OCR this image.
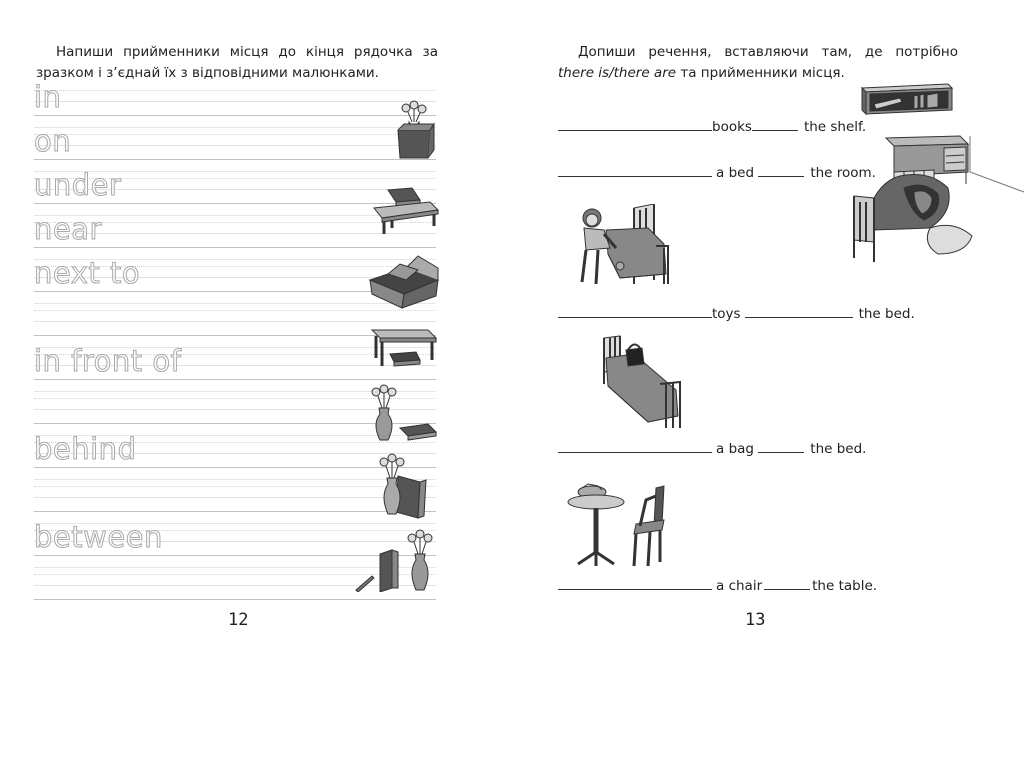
Напиши прийменники місця до кінця рядочка за
зразком і з’єднай їх з відповідними малюнками.
in
on
under
near
next to
in front of
behind
between
12
Допиши речення, вставляючи там, де потрібно
there is/there are та прийменники місця.
books	the shelf.
a bed	the room.
toys	the bed.
a bag	the bed.
a chair	the table.
13
